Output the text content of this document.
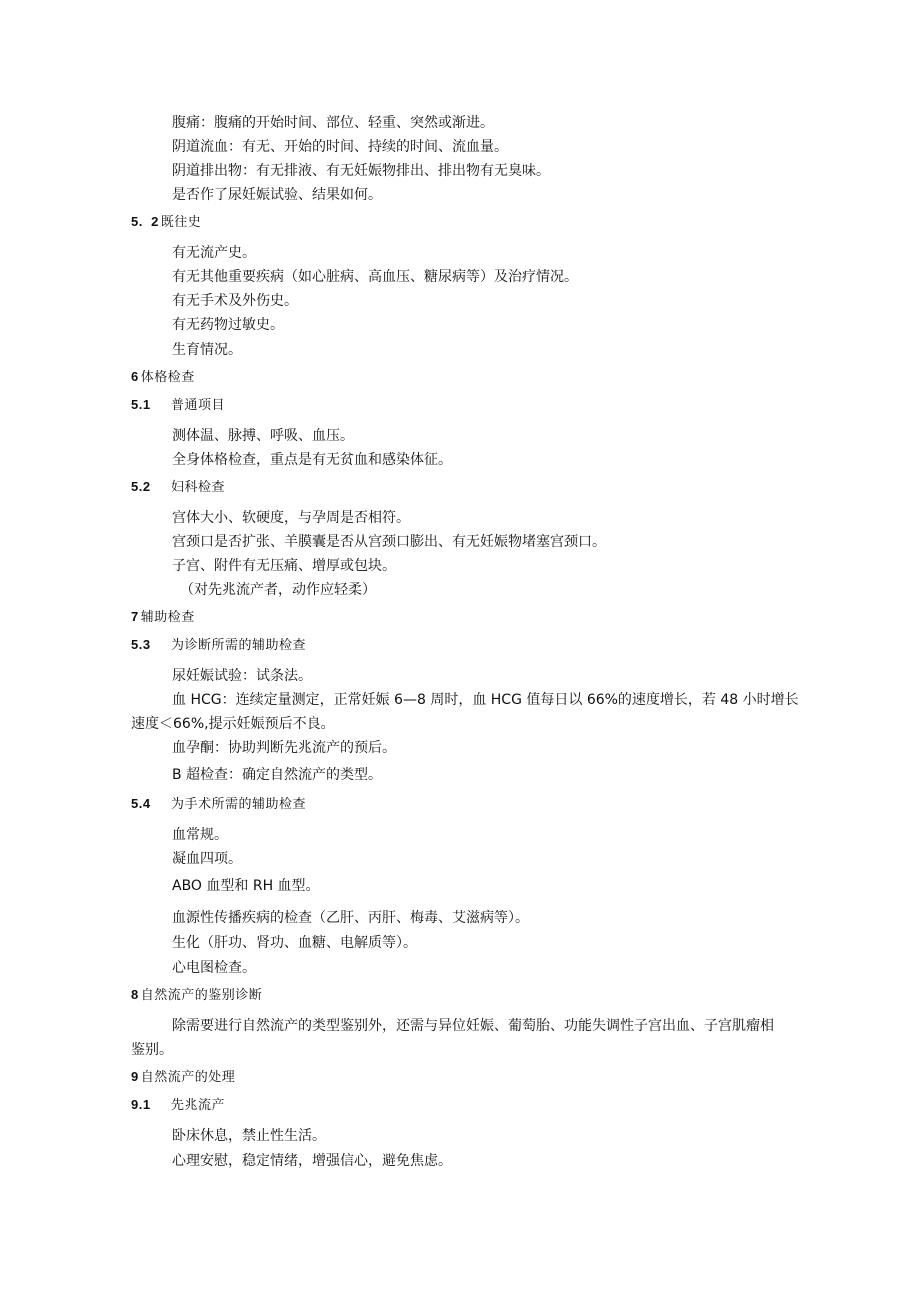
腹痛：腹痛的开始时间、部位、轻重、突然或渐进。
阴道流血：有无、开始的时间、持续的时间、流血量。
阴道排出物：有无排液、有无妊娠物排出、排出物有无臭味。
是否作了尿妊娠试验、结果如何。
5.  2 既往史
有无流产史。
有无其他重要疾病（如心脏病、高血压、糖尿病等）及治疗情况。
有无手术及外伤史。
有无药物过敏史。
生育情况。
6 体格检查
5.1 普通项目
测体温、脉搏、呼吸、血压。
全身体格检查，重点是有无贫血和感染体征。
5.2 妇科检查
宫体大小、软硬度，与孕周是否相符。
宫颈口是否扩张、羊膜囊是否从宫颈口膨出、有无妊娠物堵塞宫颈口。
子宫、附件有无压痛、增厚或包块。
（对先兆流产者，动作应轻柔）
7 辅助检查
5.3 为诊断所需的辅助检查
尿妊娠试验：试条法。
血 HCG：连续定量测定，正常妊娠 6—8 周时，血 HCG 值每日以 66%的速度增长，若 48 小时增长
速度＜66%,提示妊娠预后不良。
血孕酮：协助判断先兆流产的预后。
B 超检查：确定自然流产的类型。
5.4 为手术所需的辅助检查
血常规。
凝血四项。
ABO 血型和 RH 血型。
血源性传播疾病的检查（乙肝、丙肝、梅毒、艾滋病等）。
生化（肝功、肾功、血糖、电解质等）。
心电图检查。
8 自然流产的鉴别诊断
除需要进行自然流产的类型鉴别外，还需与异位妊娠、葡萄胎、功能失调性子宫出血、子宫肌瘤相
鉴别。
9 自然流产的处理
9.1 先兆流产
卧床休息，禁止性生活。
心理安慰，稳定情绪，增强信心，避免焦虑。
